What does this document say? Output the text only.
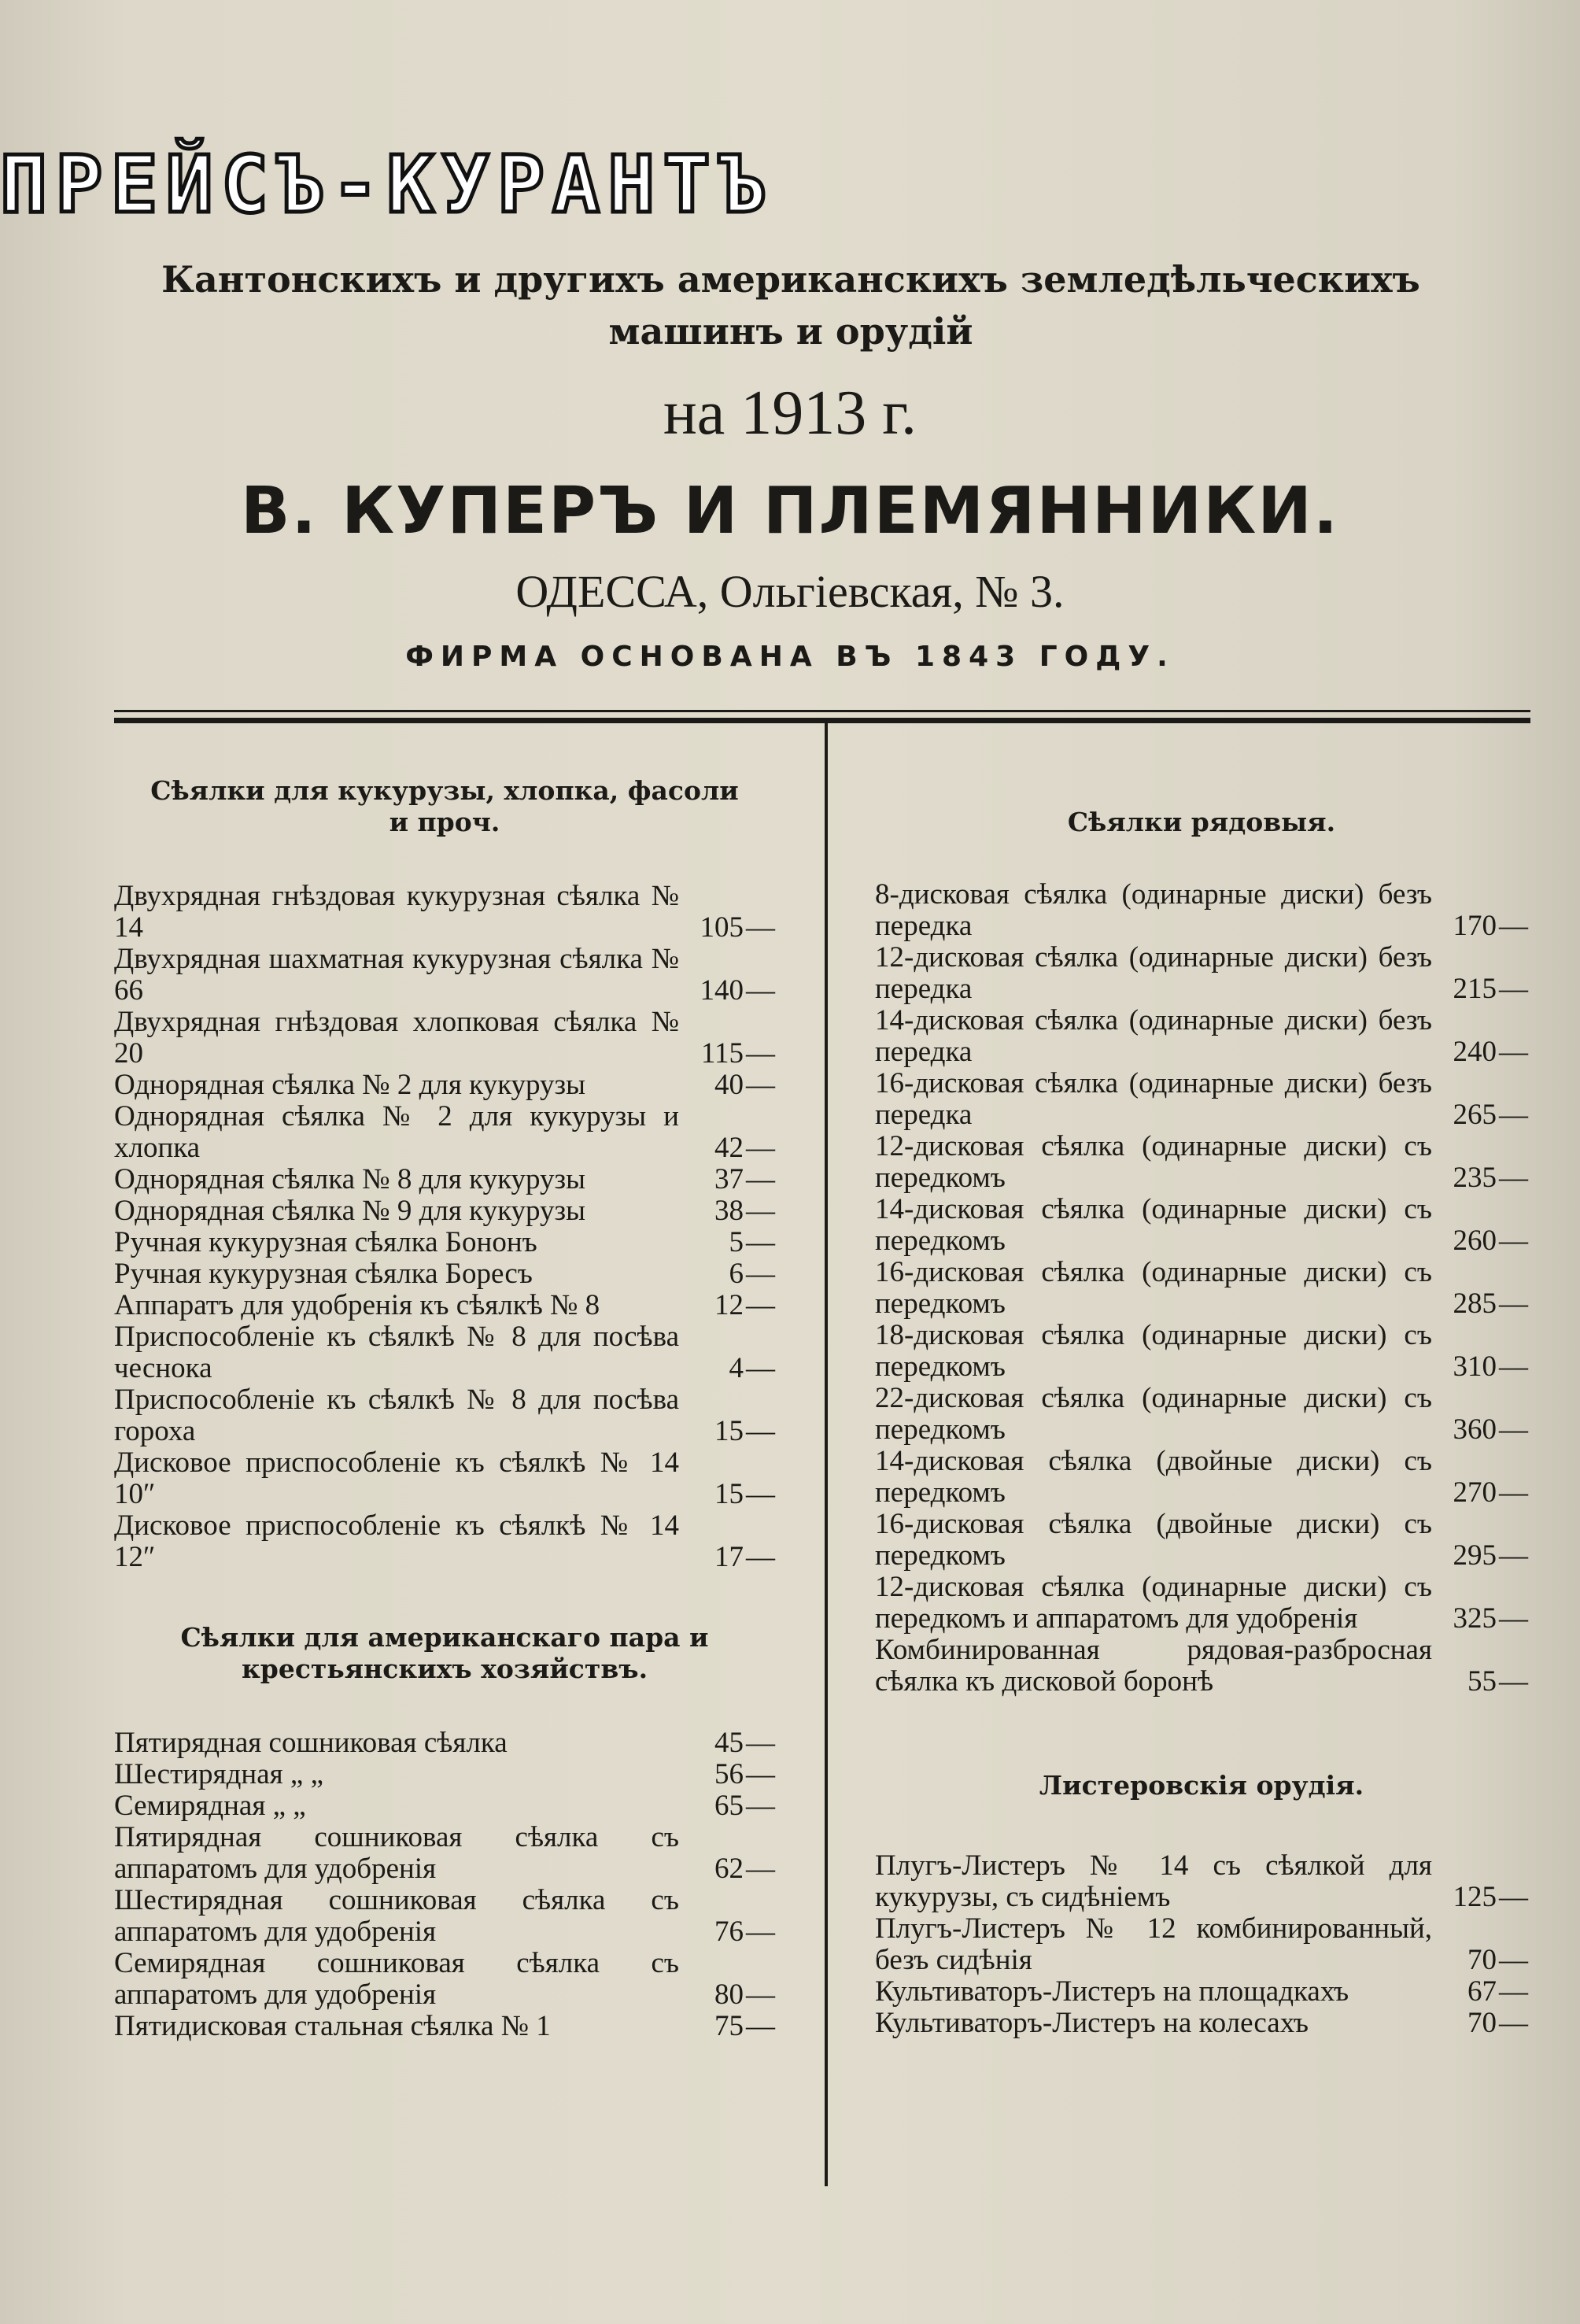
ПРЕЙСЪ-КУРАНТЪ
Кантонскихъ и другихъ американскихъ земледѣльческихъ машинъ и орудій
на 1913 г.
В. КУПЕРЪ И ПЛЕМЯННИКИ.
ОДЕССА, Ольгіевская, № 3.
ФИРМА ОСНОВАНА ВЪ 1843 ГОДУ.
Сѣялки для кукурузы, хлопка, фасоли и проч.
Двухрядная гнѣздовая кукурузная сѣялка № 14	105—
Двухрядная шахматная кукурузная сѣялка № 66	140—
Двухрядная гнѣздовая хлопковая сѣялка № 20	115—
Однорядная сѣялка № 2 для кукурузы	40—
Однорядная сѣялка № 2 для кукурузы и хлопка	42—
Однорядная сѣялка № 8 для кукурузы	37—
Однорядная сѣялка № 9 для кукурузы	38—
Ручная кукурузная сѣялка Бононъ	5—
Ручная кукурузная сѣялка Боресъ	6—
Аппаратъ для удобренія къ сѣялкѣ № 8	12—
Приспособленіе къ сѣялкѣ № 8 для посѣва чеснока	4—
Приспособленіе къ сѣялкѣ № 8 для посѣва гороха	15—
Дисковое приспособленіе къ сѣялкѣ № 14 10″	15—
Дисковое приспособленіе къ сѣялкѣ № 14 12″	17—
Сѣялки для американскаго пара и крестьянскихъ хозяйствъ.
Пятирядная сошниковая сѣялка	45—
Шестирядная „ „	56—
Семирядная „ „	65—
Пятирядная сошниковая сѣялка съ аппаратомъ для удобренія	62—
Шестирядная сошниковая сѣялка съ аппаратомъ для удобренія	76—
Семирядная сошниковая сѣялка съ аппаратомъ для удобренія	80—
Пятидисковая стальная сѣялка № 1	75—
Сѣялки рядовыя.
8-дисковая сѣялка (одинарные диски) безъ передка	170—
12-дисковая сѣялка (одинарные диски) безъ передка	215—
14-дисковая сѣялка (одинарные диски) безъ передка	240—
16-дисковая сѣялка (одинарные диски) безъ передка	265—
12-дисковая сѣялка (одинарные диски) съ передкомъ	235—
14-дисковая сѣялка (одинарные диски) съ передкомъ	260—
16-дисковая сѣялка (одинарные диски) съ передкомъ	285—
18-дисковая сѣялка (одинарные диски) съ передкомъ	310—
22-дисковая сѣялка (одинарные диски) съ передкомъ	360—
14-дисковая сѣялка (двойные диски) съ передкомъ	270—
16-дисковая сѣялка (двойные диски) съ передкомъ	295—
12-дисковая сѣялка (одинарные диски) съ передкомъ и аппаратомъ для удобренія	325—
Комбинированная рядовая-разбросная сѣялка къ дисковой боронѣ	55—
Листеровскія орудія.
Плугъ-Листеръ № 14 съ сѣялкой для кукурузы, съ сидѣніемъ	125—
Плугъ-Листеръ № 12 комбинированный, безъ сидѣнія	70—
Культиваторъ-Листеръ на площадкахъ	67—
Культиваторъ-Листеръ на колесахъ	70—
